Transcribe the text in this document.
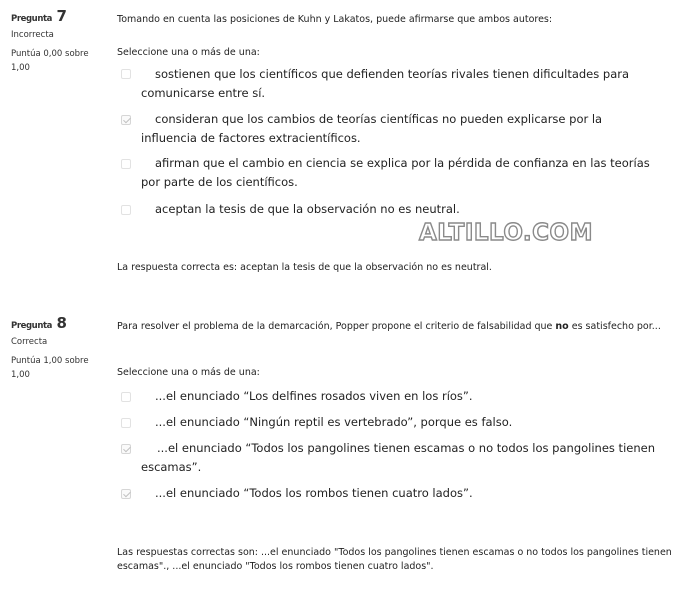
Pregunta 7
Incorrecta
Puntúa 0,00 sobre 1,00
Tomando en cuenta las posiciones de Kuhn y Lakatos, puede afirmarse que ambos autores:
Seleccione una o más de una:
sostienen que los científicos que defienden teorías rivales tienen dificultades para comunicarse entre sí.
consideran que los cambios de teorías científicas no pueden explicarse por la influencia de factores extracientíficos.
afirman que el cambio en ciencia se explica por la pérdida de confianza en las teorías por parte de los científicos.
aceptan la tesis de que la observación no es neutral.
ALTILLO.COM
La respuesta correcta es: aceptan la tesis de que la observación no es neutral.
Pregunta 8
Correcta
Puntúa 1,00 sobre 1,00
Para resolver el problema de la demarcación, Popper propone el criterio de falsabilidad que no es satisfecho por...
Seleccione una o más de una:
...el enunciado “Los delfines rosados viven en los ríos”.
...el enunciado “Ningún reptil es vertebrado”, porque es falso.
...el enunciado “Todos los pangolines tienen escamas o no todos los pangolines tienen escamas”.
...el enunciado “Todos los rombos tienen cuatro lados”.
Las respuestas correctas son: ...el enunciado "Todos los pangolines tienen escamas o no todos los pangolines tienen escamas"., ...el enunciado "Todos los rombos tienen cuatro lados".
